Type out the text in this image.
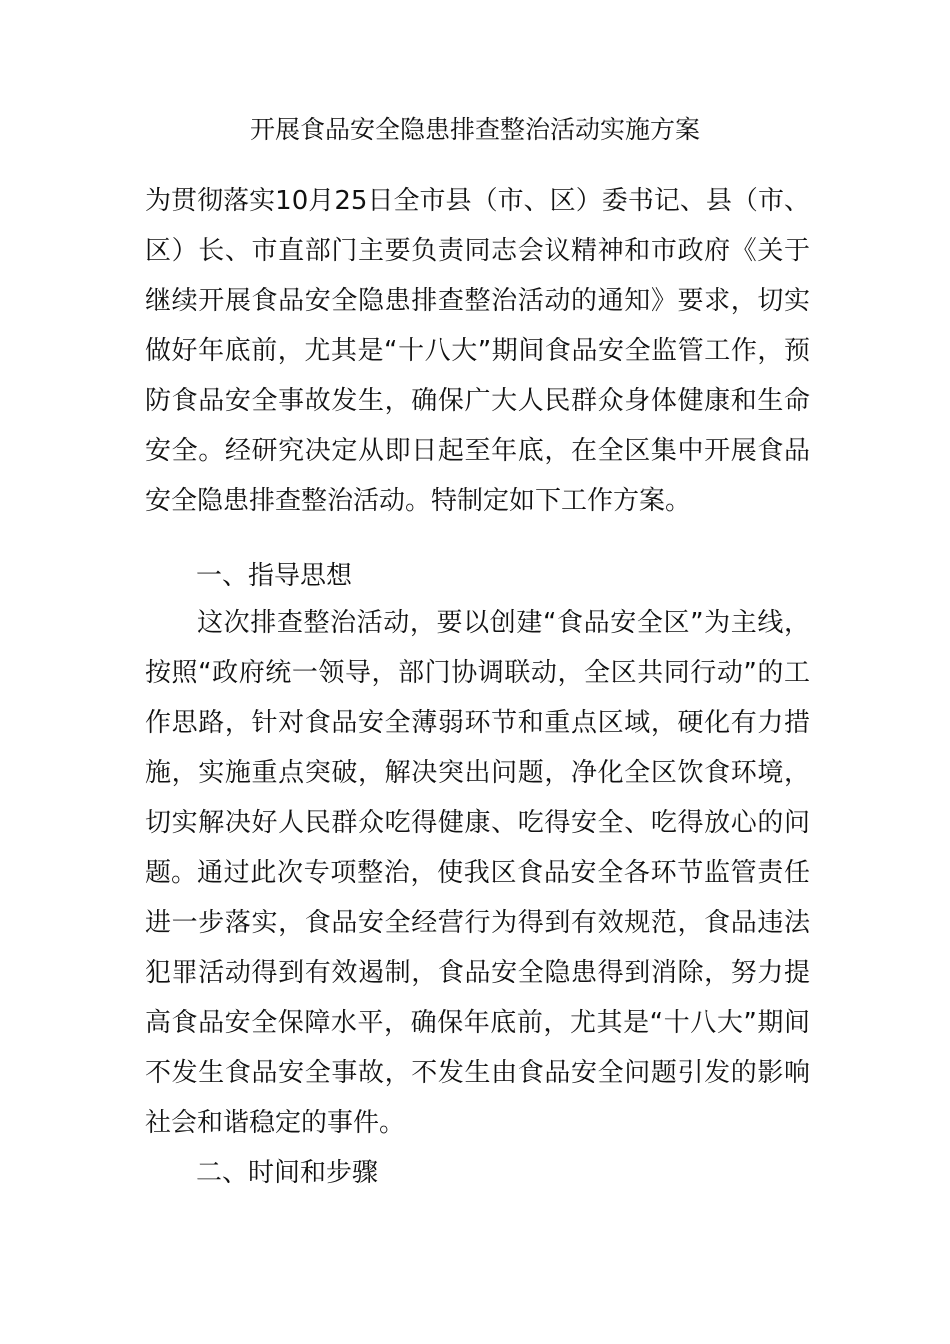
开展食品安全隐患排查整治活动实施方案

为贯彻落实10月25日全市县（市、区）委书记、县（市、区）长、市直部门主要负责同志会议精神和市政府《关于继续开展食品安全隐患排查整治活动的通知》要求，切实做好年底前，尤其是“十八大”期间食品安全监管工作，预防食品安全事故发生，确保广大人民群众身体健康和生命安全。经研究决定从即日起至年底，在全区集中开展食品安全隐患排查整治活动。特制定如下工作方案。

一、指导思想

这次排查整治活动，要以创建“食品安全区”为主线，按照“政府统一领导，部门协调联动，全区共同行动”的工作思路，针对食品安全薄弱环节和重点区域，硬化有力措施，实施重点突破，解决突出问题，净化全区饮食环境，切实解决好人民群众吃得健康、吃得安全、吃得放心的问题。 通过此次专项整治，使我区食品安全各环节监管责任进一步落实，食品安全经营行为得到有效规范，食品违法犯罪活动得到有效遏制，食品安全隐患得到消除，努力提高食品安全保障水平，确保年底前，尤其是“十八大”期间不发生食品安全事故，不发生由食品安全问题引发的影响社会和谐稳定的事件。

二、时间和步骤
